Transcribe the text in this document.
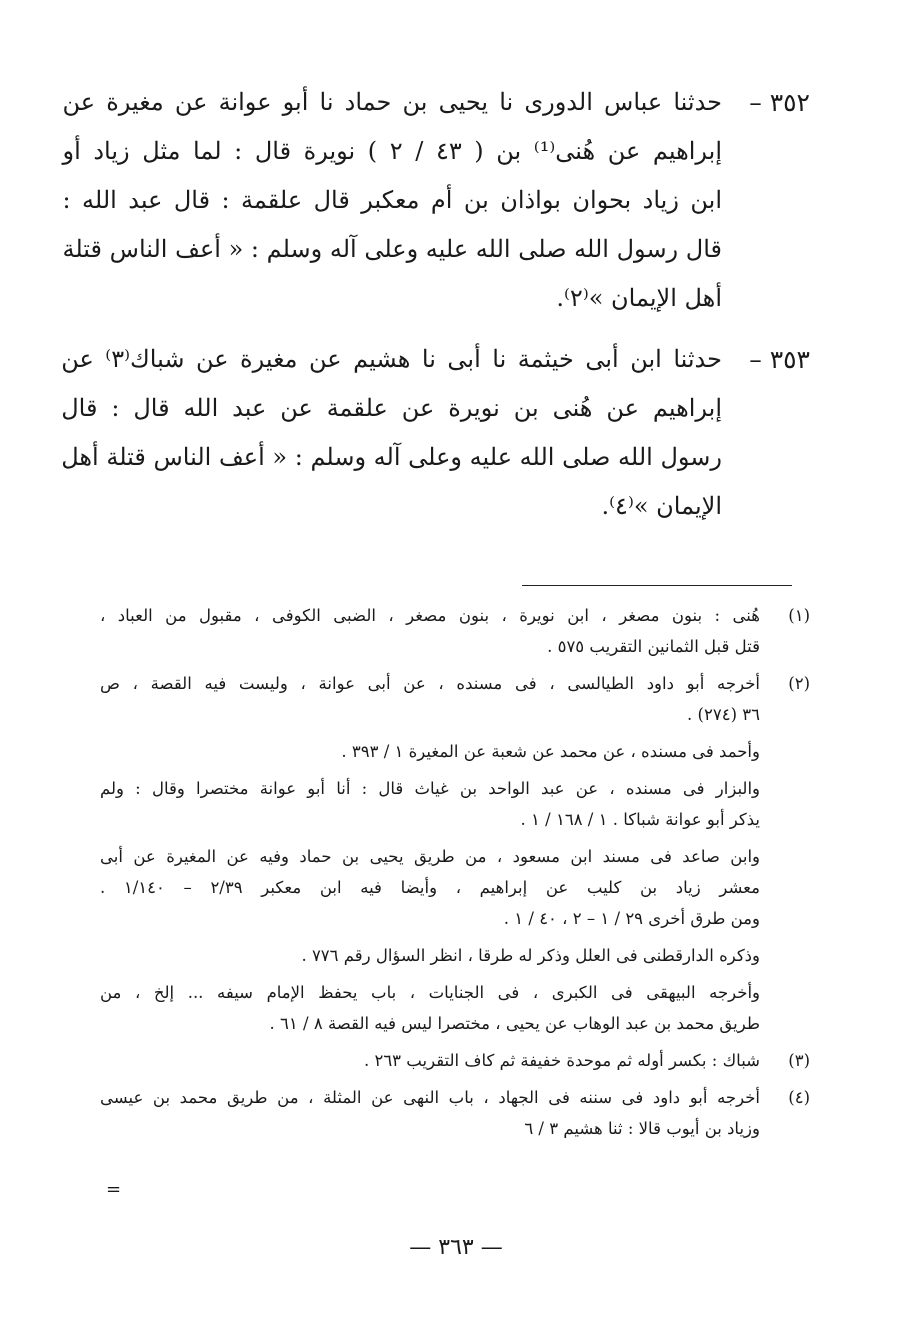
٣٥٢ –
حدثنا عباس الدورى نا يحيى بن حماد نا أبو عوانة عن مغيرة عن
إبراهيم عن هُنى⁽¹⁾ بن ( ٤٣ / ٢ ) نويرة قال : لما مثل زياد أو
ابن زياد بحوان بواذان بن أم معكبر قال علقمة : قال عبد الله :
قال رسول الله صلى الله عليه وعلى آله وسلم : « أعف الناس قتلة
أهل الإيمان »⁽٢⁾.
٣٥٣ –
حدثنا ابن أبى خيثمة نا أبى نا هشيم عن مغيرة عن شباك⁽٣⁾ عن
إبراهيم عن هُنى بن نويرة عن علقمة عن عبد الله قال : قال
رسول الله صلى الله عليه وعلى آله وسلم : « أعف الناس قتلة أهل
الإيمان »⁽٤⁾.
(١)
هُنى : بنون مصغر ، ابن نويرة ، بنون مصغر ، الضبى الكوفى ، مقبول من العباد ،
قتل قبل الثمانين التقريب ٥٧٥ .
(٢)
أخرجه أبو داود الطيالسى ، فى مسنده ، عن أبى عوانة ، وليست فيه القصة ، ص
٣٦ (٢٧٤) .
وأحمد فى مسنده ، عن محمد عن شعبة عن المغيرة ١ / ٣٩٣ .
والبزار فى مسنده ، عن عبد الواحد بن غياث قال : أنا أبو عوانة مختصرا وقال : ولم
يذكر أبو عوانة شباكا . ١ / ١٦٨ / ١ .
وابن صاعد فى مسند ابن مسعود ، من طريق يحيى بن حماد وفيه عن المغيرة عن أبى
معشر زياد بن كليب عن إبراهيم ، وأيضا فيه ابن معكبر ٢/٣٩ – ١/١٤٠ .
ومن طرق أخرى ٢٩ / ١ – ٢ ، ٤٠ / ١ .
وذكره الدارقطنى فى العلل وذكر له طرقا ، انظر السؤال رقم ٧٧٦ .
وأخرجه البيهقى فى الكبرى ، فى الجنايات ، باب يحفظ الإمام سيفه ... إلخ ، من
طريق محمد بن عبد الوهاب عن يحيى ، مختصرا ليس فيه القصة ٨ / ٦١ .
(٣)
شباك : بكسر أوله ثم موحدة خفيفة ثم كاف التقريب ٢٦٣ .
(٤)
أخرجه أبو داود فى سننه فى الجهاد ، باب النهى عن المثلة ، من طريق محمد بن عيسى
وزياد بن أيوب قالا : ثنا هشيم ٣ / ٦
=
— ٣٦٣ —
